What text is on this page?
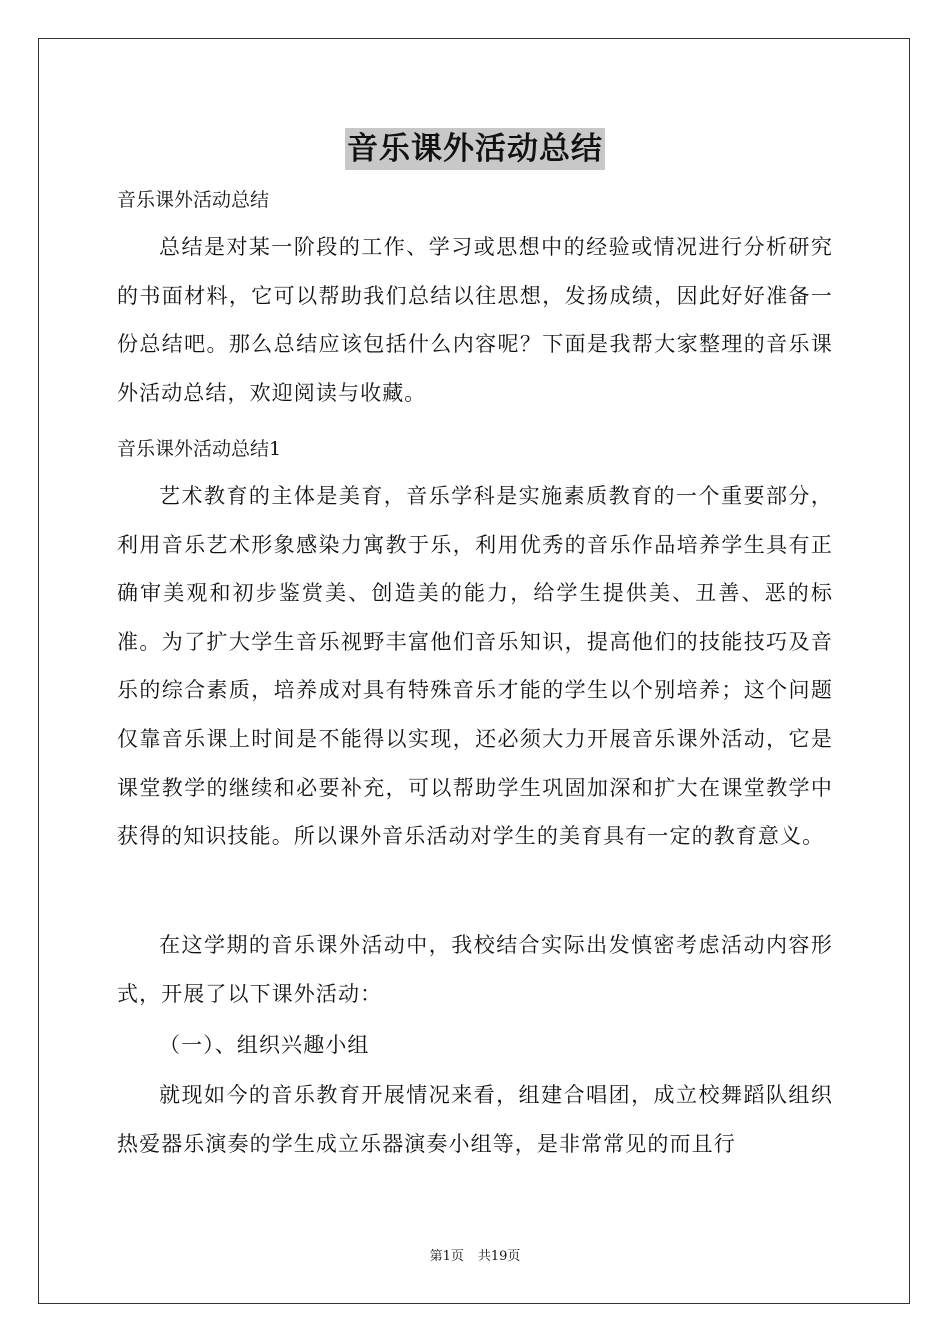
音乐课外活动总结
音乐课外活动总结
总结是对某一阶段的工作、学习或思想中的经验或情况进行分析研究的书面材料，它可以帮助我们总结以往思想，发扬成绩，因此好好准备一份总结吧。那么总结应该包括什么内容呢？下面是我帮大家整理的音乐课外活动总结，欢迎阅读与收藏。
音乐课外活动总结1
艺术教育的主体是美育，音乐学科是实施素质教育的一个重要部分，利用音乐艺术形象感染力寓教于乐，利用优秀的音乐作品培养学生具有正确审美观和初步鉴赏美、创造美的能力，给学生提供美、丑善、恶的标准。为了扩大学生音乐视野丰富他们音乐知识，提高他们的技能技巧及音乐的综合素质，培养成对具有特殊音乐才能的学生以个别培养；这个问题仅靠音乐课上时间是不能得以实现，还必须大力开展音乐课外活动，它是课堂教学的继续和必要补充，可以帮助学生巩固加深和扩大在课堂教学中获得的知识技能。所以课外音乐活动对学生的美育具有一定的教育意义。
在这学期的音乐课外活动中，我校结合实际出发慎密考虑活动内容形式，开展了以下课外活动：
（一）、组织兴趣小组
就现如今的音乐教育开展情况来看，组建合唱团，成立校舞蹈队组织热爱器乐演奏的学生成立乐器演奏小组等，是非常常见的而且行
第1页 共19页
